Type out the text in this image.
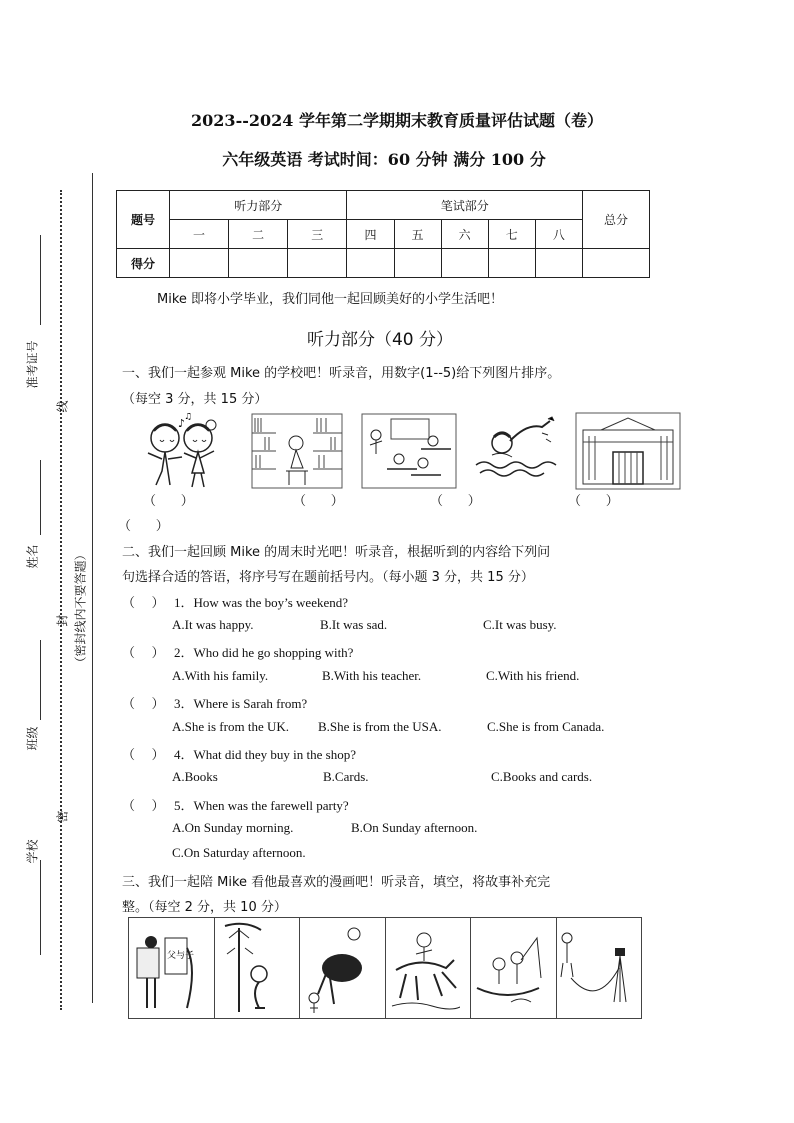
准考证号
线
姓名
封 （密封线内不要答题）
班级
密
学校
2023--2024 学年第二学期期末教育质量评估试题（卷）
六年级英语 考试时间：60 分钟 满分 100 分
题号	听力部分			笔试部分					总分
	一	二	三	四	五	六	七	八	
得分									
Mike 即将小学毕业，我们同他一起回顾美好的小学生活吧！
听力部分（40 分）
一、我们一起参观 Mike 的学校吧！听录音，用数字(1--5)给下列图片排序。
（每空 3 分，共 15 分）
♪
♫
（      ）	（      ）	（      ）	（      ）
（      ）
二、我们一起回顾 Mike 的周末时光吧！听录音，根据听到的内容给下列问
句选择合适的答语，将序号写在题前括号内。（每小题 3 分，共 15 分）
（    ） 1．How was the boy’s weekend?
A.It was happy.	B.It was sad.	C.It was busy.
（    ） 2．Who did he go shopping with?
A.With his family.	B.With his teacher.	C.With his friend.
（    ） 3．Where is Sarah from?
A.She is from the UK. B.She is from the USA.	C.She is from Canada.
（    ） 4．What did they buy in the shop?
A.Books	B.Cards.	C.Books and cards.
（    ） 5．When was the farewell party?
A.On Sunday morning.	B.On Sunday afternoon.
C.On Saturday afternoon.
三、我们一起陪 Mike 看他最喜欢的漫画吧！听录音，填空，将故事补充完
整。（每空 2 分，共 10 分）
父与子
